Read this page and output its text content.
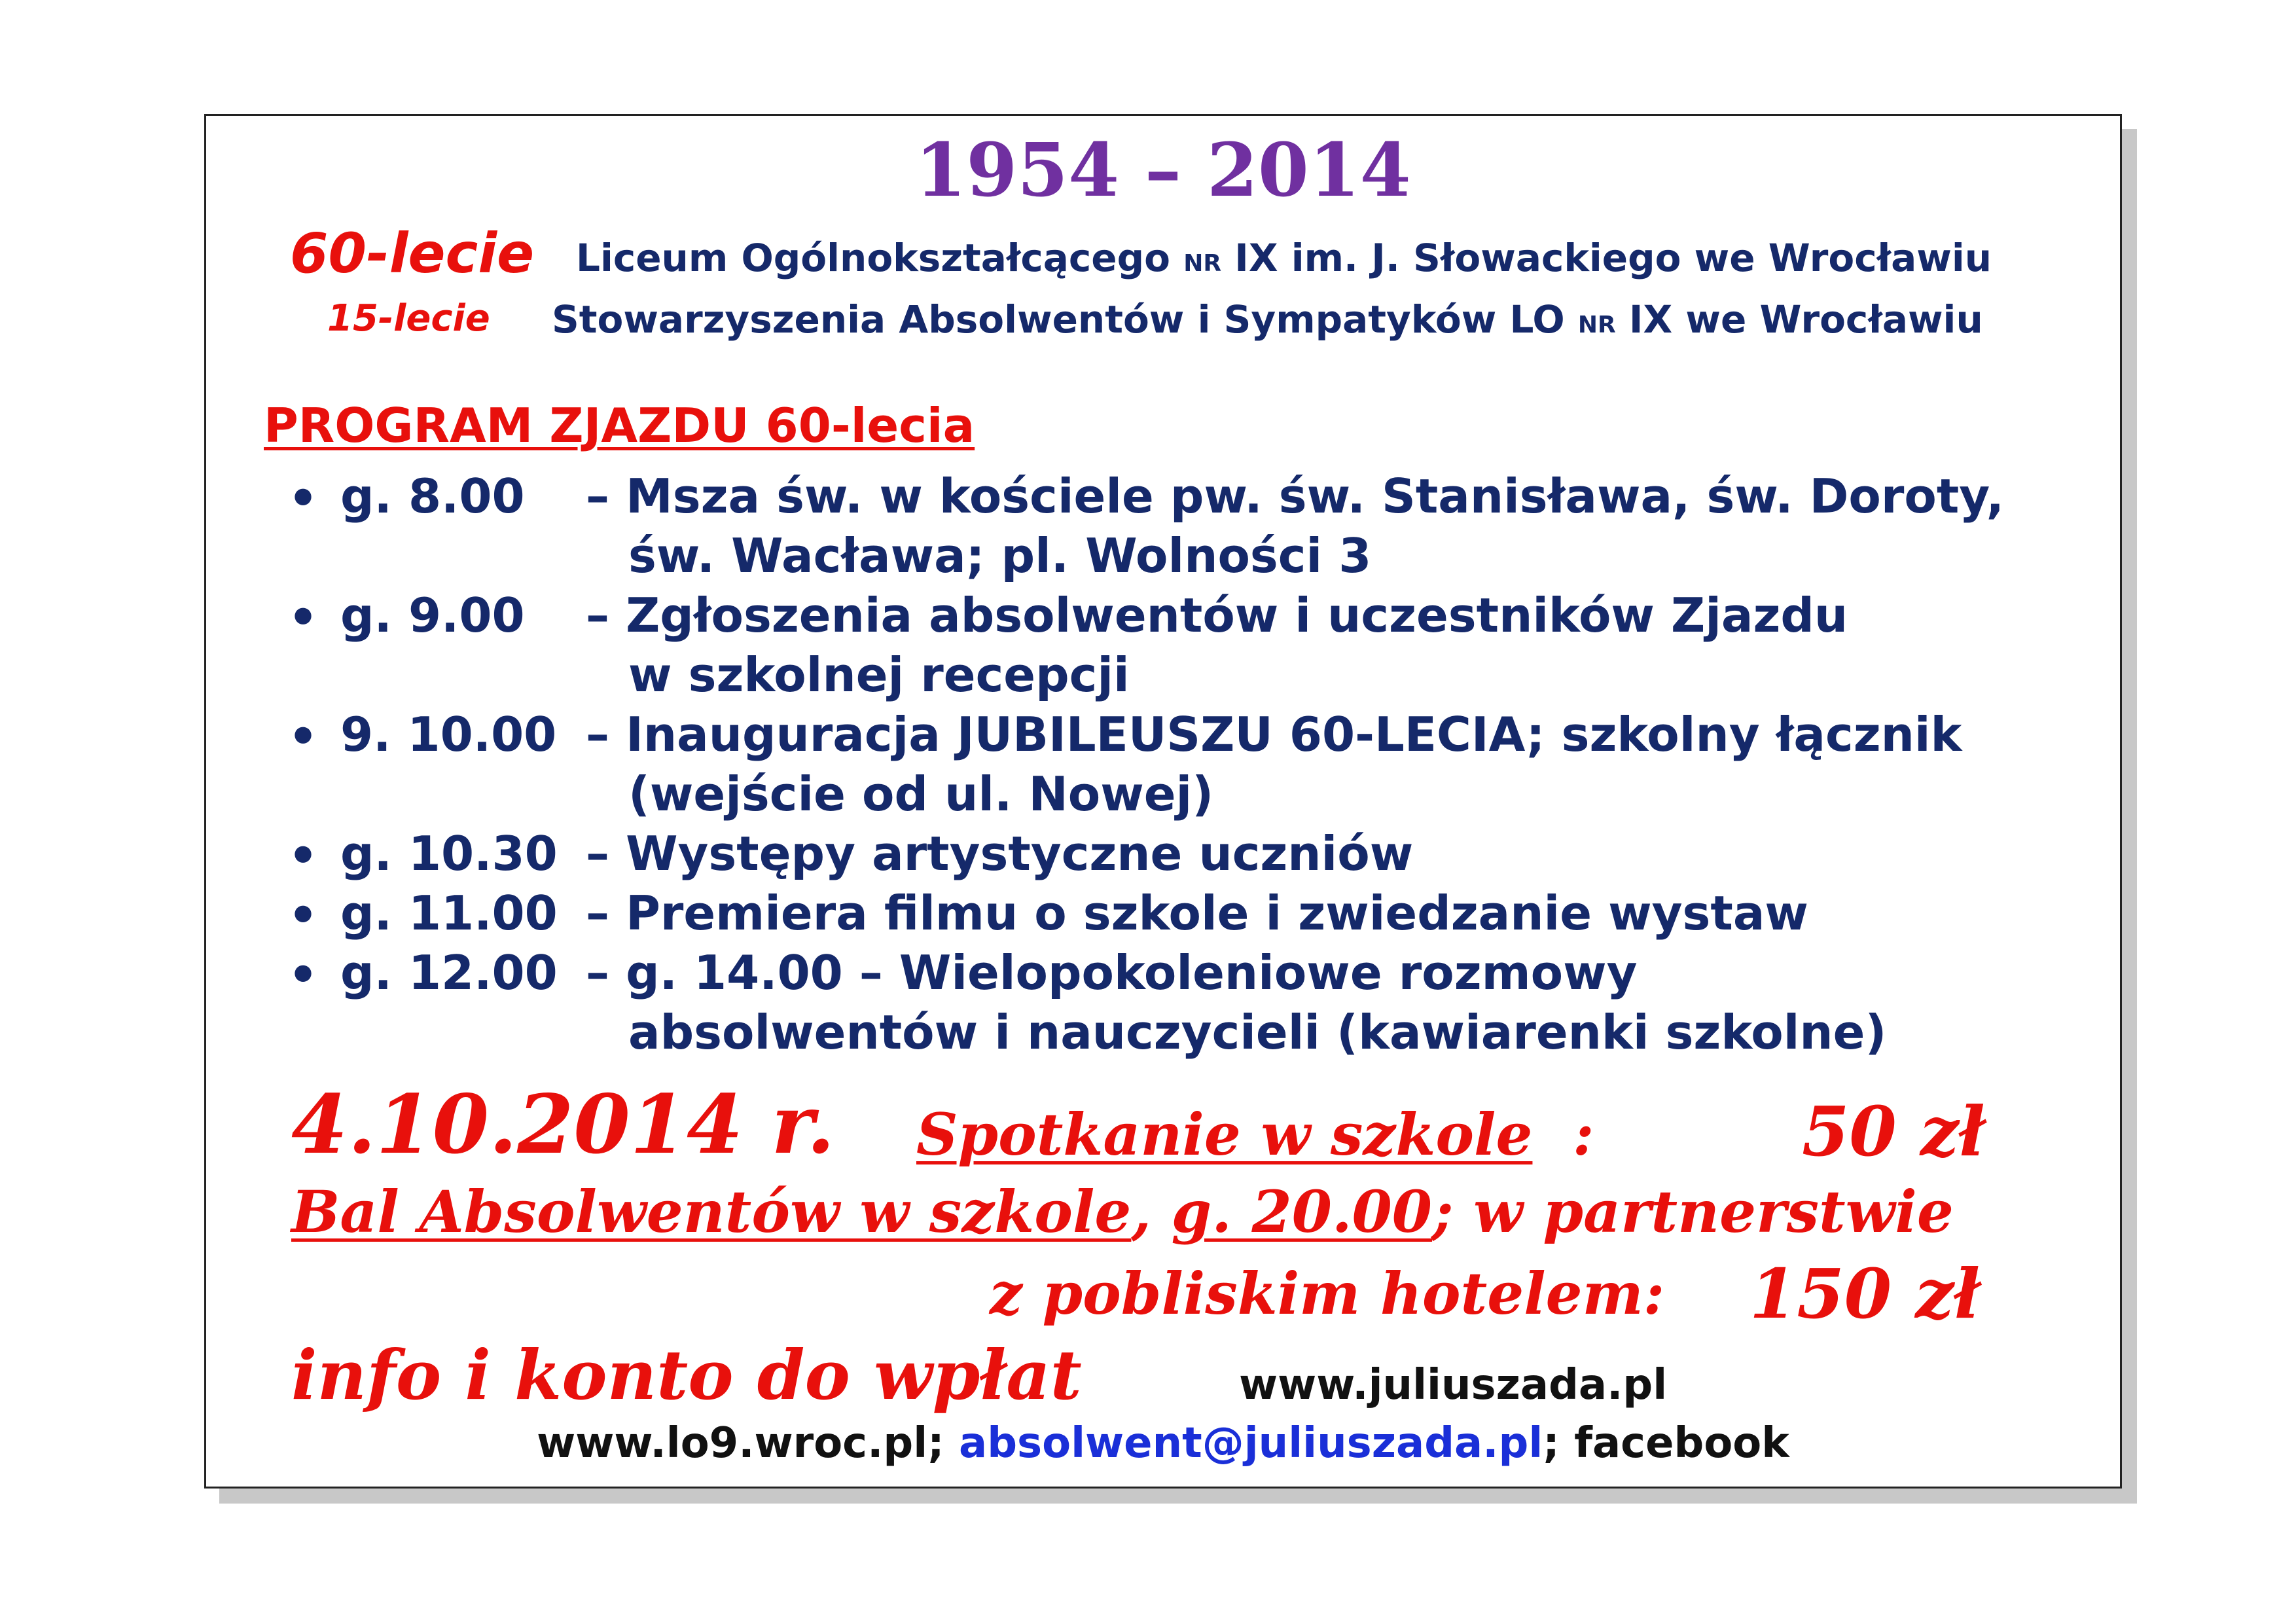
1954 – 2014
60-lecie Liceum Ogólnokształcącego NR IX im. J. Słowackiego we Wrocławiu
15-lecie Stowarzyszenia Absolwentów i Sympatyków LO NR IX we Wrocławiu
PROGRAM ZJAZDU 60-lecia
• g. 8.00 – Msza św. w kościele pw. św. Stanisława, św. Doroty,
św. Wacława; pl. Wolności 3
• g. 9.00 – Zgłoszenia absolwentów i uczestników Zjazdu
w szkolnej recepcji
• 9. 10.00 – Inauguracja JUBILEUSZU 60-LECIA; szkolny łącznik
(wejście od ul. Nowej)
• g. 10.30 – Występy artystyczne uczniów
• g. 11.00 – Premiera filmu o szkole i zwiedzanie wystaw
• g. 12.00 – g. 14.00 – Wielopokoleniowe rozmowy
absolwentów i nauczycieli (kawiarenki szkolne)
4.10.2014 r. Spotkanie w szkole :	50 zł
Bal Absolwentów w szkole, g. 20.00; w partnerstwie
z pobliskim hotelem: 150 zł
info i konto do wpłat	www.juliuszada.pl
www.lo9.wroc.pl; absolwent@juliuszada.pl; facebook
